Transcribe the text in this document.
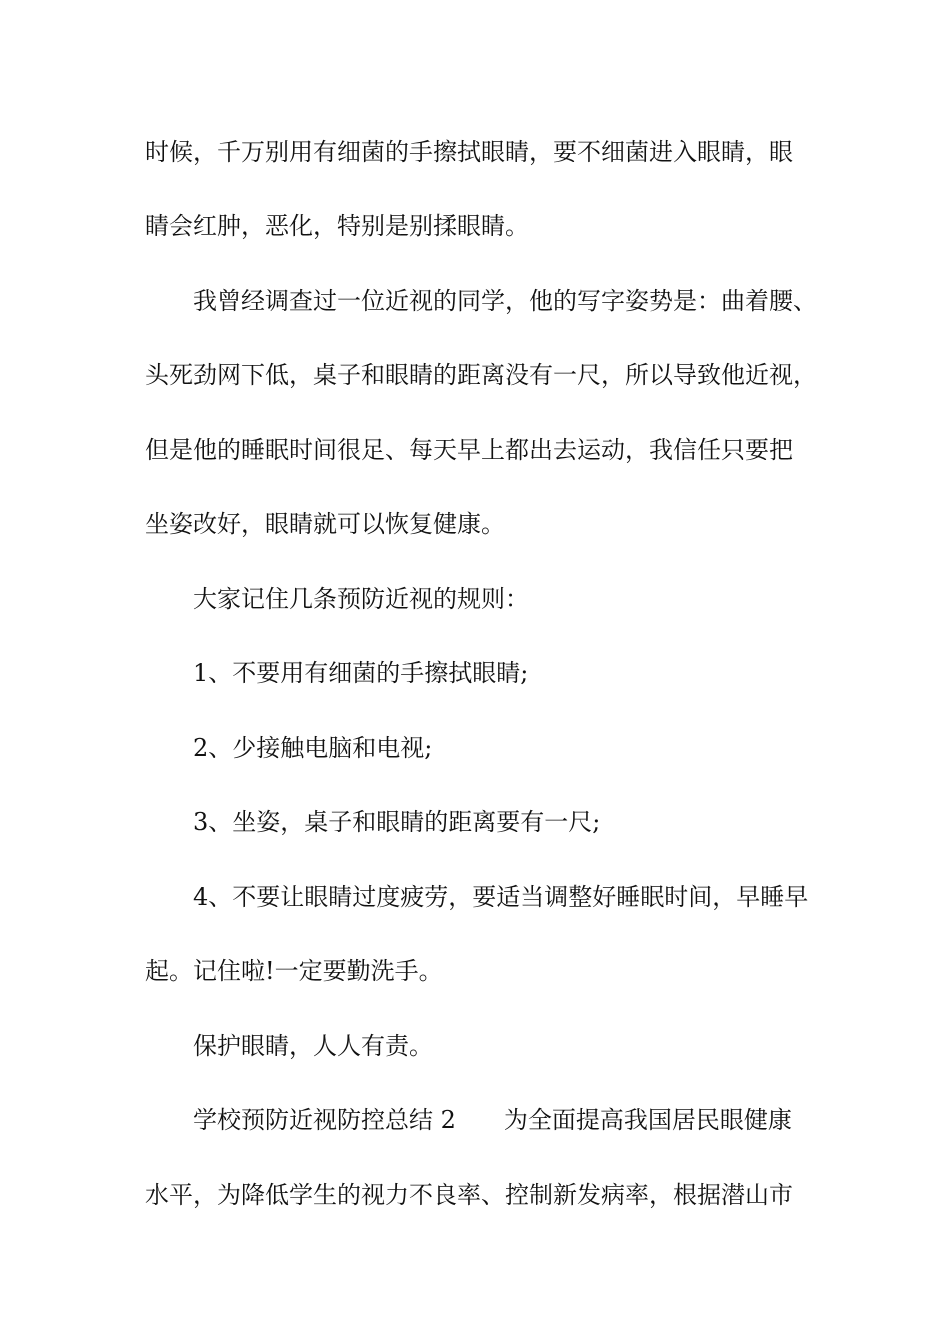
时候，千万别用有细菌的手擦拭眼睛，要不细菌进入眼睛，眼

睛会红肿，恶化，特别是别揉眼睛。

我曾经调查过一位近视的同学，他的写字姿势是：曲着腰、

头死劲网下低，桌子和眼睛的距离没有一尺，所以导致他近视，

但是他的睡眠时间很足、每天早上都出去运动，我信任只要把

坐姿改好，眼睛就可以恢复健康。

大家记住几条预防近视的规则：

1、不要用有细菌的手擦拭眼睛;

2、少接触电脑和电视;

3、坐姿，桌子和眼睛的距离要有一尺;

4、不要让眼睛过度疲劳，要适当调整好睡眠时间，早睡早

起。记住啦!一定要勤洗手。

保护眼睛，人人有责。

学校预防近视防控总结 2　　为全面提高我国居民眼健康

水平，为降低学生的视力不良率、控制新发病率，根据潜山市
